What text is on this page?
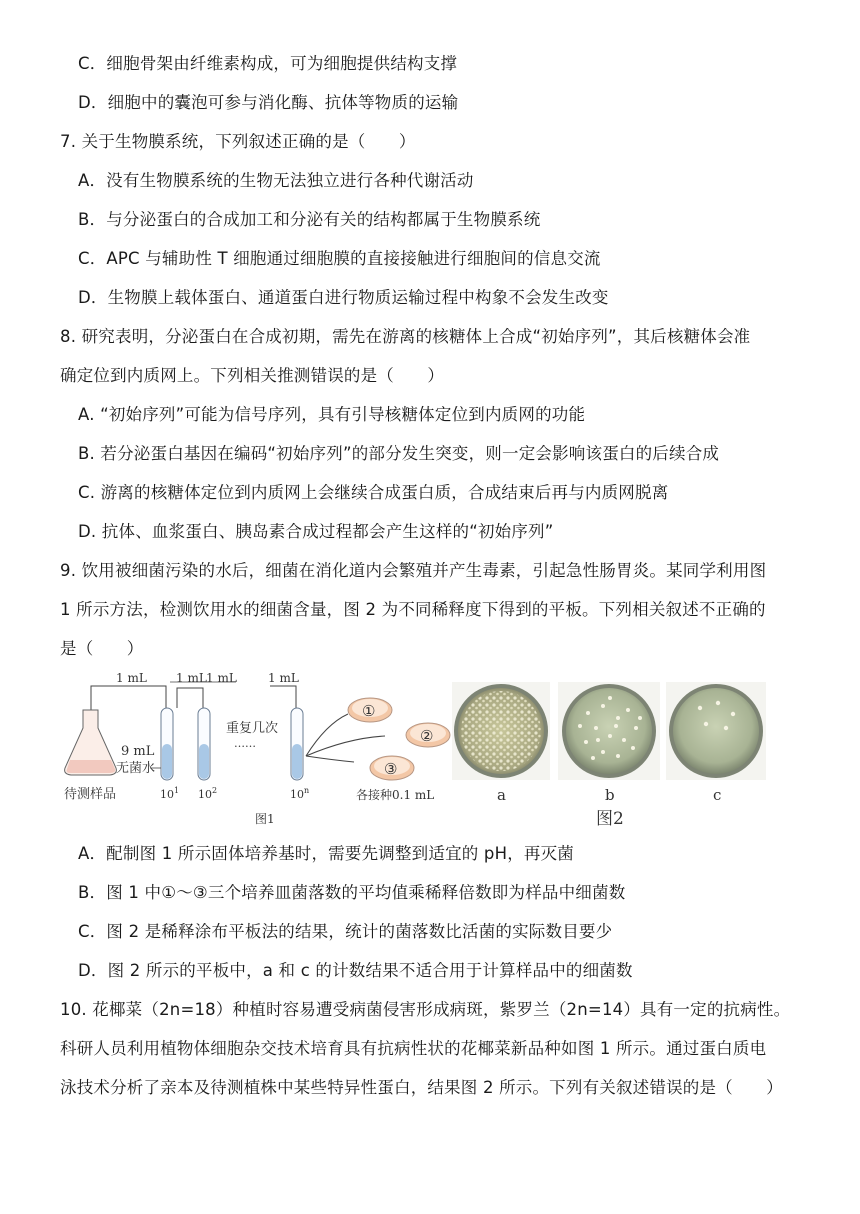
C．细胞骨架由纤维素构成，可为细胞提供结构支撑
D．细胞中的囊泡可参与消化酶、抗体等物质的运输
7. 关于生物膜系统，下列叙述正确的是（　　）
A．没有生物膜系统的生物无法独立进行各种代谢活动
B．与分泌蛋白的合成加工和分泌有关的结构都属于生物膜系统
C．APC 与辅助性 T 细胞通过细胞膜的直接接触进行细胞间的信息交流
D．生物膜上载体蛋白、通道蛋白进行物质运输过程中构象不会发生改变
8. 研究表明，分泌蛋白在合成初期，需先在游离的核糖体上合成“初始序列”，其后核糖体会准
确定位到内质网上。下列相关推测错误的是（　　）
A. “初始序列”可能为信号序列，具有引导核糖体定位到内质网的功能
B. 若分泌蛋白基因在编码“初始序列”的部分发生突变，则一定会影响该蛋白的后续合成
C. 游离的核糖体定位到内质网上会继续合成蛋白质，合成结束后再与内质网脱离
D. 抗体、血浆蛋白、胰岛素合成过程都会产生这样的“初始序列”
9. 饮用被细菌污染的水后，细菌在消化道内会繁殖并产生毒素，引起急性肠胃炎。某同学利用图
1 所示方法，检测饮用水的细菌含量，图 2 为不同稀释度下得到的平板。下列相关叙述不正确的
是（　　）
1 mL 1 mL 1 mL	1 mL
待测样品
9 mL
无菌水
$10^1$ $10^2$	10$^n$
重复几次
……
①
②
③
各接种0.1 mL
图1
a	b	c
图2
A．配制图 1 所示固体培养基时，需要先调整到适宜的 pH，再灭菌
B．图 1 中①～③三个培养皿菌落数的平均值乘稀释倍数即为样品中细菌数
C．图 2 是稀释涂布平板法的结果，统计的菌落数比活菌的实际数目要少
D．图 2 所示的平板中，a 和 c 的计数结果不适合用于计算样品中的细菌数
10. 花椰菜（2n=18）种植时容易遭受病菌侵害形成病斑，紫罗兰（2n=14）具有一定的抗病性。
科研人员利用植物体细胞杂交技术培育具有抗病性状的花椰菜新品种如图 1 所示。通过蛋白质电
泳技术分析了亲本及待测植株中某些特异性蛋白，结果图 2 所示。下列有关叙述错误的是（　　）
